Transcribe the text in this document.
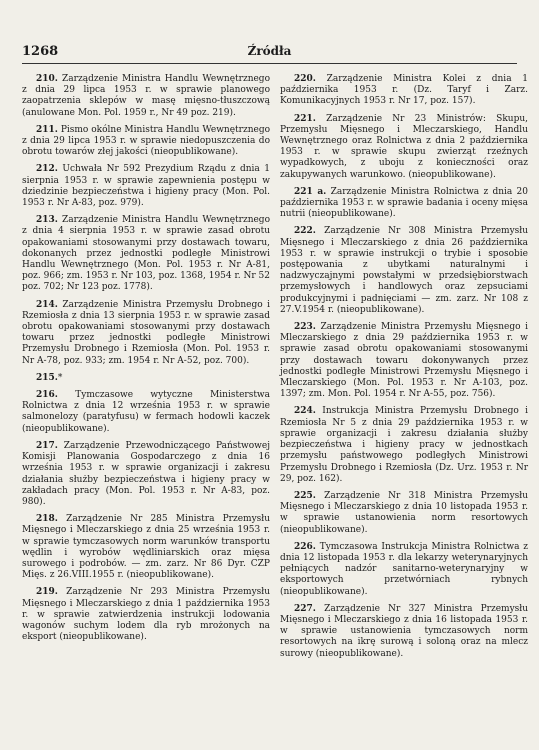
1268	Źródła

210. Zarządzenie Ministra Handlu Wewnętrznego z dnia 29 lipca 1953 r. w sprawie planowego zaopatrzenia sklepów w masę mięsno-tłuszczową (anulowane Mon. Pol. 1959 r., Nr 49 poz. 219).

211. Pismo okólne Ministra Handlu Wewnętrznego z dnia 29 lipca 1953 r. w sprawie niedopuszczenia do obrotu towarów złej jakości (nieopublikowane).

212. Uchwała Nr 592 Prezydium Rządu z dnia 1 sierpnia 1953 r. w sprawie zapewnienia postępu w dziedzinie bezpieczeństwa i higieny pracy (Mon. Pol. 1953 r. Nr A-83, poz. 979).

213. Zarządzenie Ministra Handlu Wewnętrznego z dnia 4 sierpnia 1953 r. w sprawie zasad obrotu opakowaniami stosowanymi przy dostawach towaru, dokonanych przez jednostki podległe Ministrowi Handlu Wewnętrznego (Mon. Pol. 1953 r. Nr A-81, poz. 966; zm. 1953 r. Nr 103, poz. 1368, 1954 r. Nr 52 poz. 702; Nr 123 poz. 1778).

214. Zarządzenie Ministra Przemysłu Drobnego i Rzemiosła z dnia 13 sierpnia 1953 r. w sprawie zasad obrotu opakowaniami stosowanymi przy dostawach towaru przez jednostki podległe Ministrowi Przemysłu Drobnego i Rzemiosła (Mon. Pol. 1953 r. Nr A-78, poz. 933; zm. 1954 r. Nr A-52, poz. 700).

215.*

216. Tymczasowe wytyczne Ministerstwa Rolnictwa z dnia 12 września 1953 r. w sprawie salmonelozy (paratyfusu) w fermach hodowli kaczek (nieopublikowane).

217. Zarządzenie Przewodniczącego Państwowej Komisji Planowania Gospodarczego z dnia 16 września 1953 r. w sprawie organizacji i zakresu działania służby bezpieczeństwa i higieny pracy w zakładach pracy (Mon. Pol. 1953 r. Nr A-83, poz. 980).

218. Zarządzenie Nr 285 Ministra Przemysłu Mięsnego i Mleczarskiego z dnia 25 września 1953 r. w sprawie tymczasowych norm warunków transportu wędlin i wyrobów wędliniarskich oraz mięsa surowego i podrobów. — zm. zarz. Nr 86 Dyr. CZP Mięs. z 26.VIII.1955 r. (nieopublikowane).

219. Zarządzenie Nr 293 Ministra Przemysłu Mięsnego i Mleczarskiego z dnia 1 października 1953 r. w sprawie zatwierdzenia instrukcji lodowania wagonów suchym lodem dla ryb mrożonych na eksport (nieopublikowane).

220. Zarządzenie Ministra Kolei z dnia 1 października 1953 r. (Dz. Taryf i Zarz. Komunikacyjnych 1953 r. Nr 17, poz. 157).

221. Zarządzenie Nr 23 Ministrów: Skupu, Przemysłu Mięsnego i Mleczarskiego, Handlu Wewnętrznego oraz Rolnictwa z dnia 2 października 1953 r. w sprawie skupu zwierząt rzeźnych wypadkowych, z uboju z konieczności oraz zakupywanych warunkowo. (nieopublikowane).

221 a. Zarządzenie Ministra Rolnictwa z dnia 20 października 1953 r. w sprawie badania i oceny mięsa nutrii (nieopublikowane).

222. Zarządzenie Nr 308 Ministra Przemysłu Mięsnego i Mleczarskiego z dnia 26 października 1953 r. w sprawie instrukcji o trybie i sposobie postępowania z ubytkami naturalnymi i nadzwyczajnymi powstałymi w przedsiębiorstwach przemysłowych i handlowych oraz zepsuciami produkcyjnymi i padnięciami — zm. zarz. Nr 108 z 27.V.1954 r. (nieopublikowane).

223. Zarządzenie Ministra Przemysłu Mięsnego i Mleczarskiego z dnia 29 października 1953 r. w sprawie zasad obrotu opakowaniami stosowanymi przy dostawach towaru dokonywanych przez jednostki podległe Ministrowi Przemysłu Mięsnego i Mleczarskiego (Mon. Pol. 1953 r. Nr A-103, poz. 1397; zm. Mon. Pol. 1954 r. Nr A-55, poz. 756).

224. Instrukcja Ministra Przemysłu Drobnego i Rzemiosła Nr 5 z dnia 29 października 1953 r. w sprawie organizacji i zakresu działania służby bezpieczeństwa i higieny pracy w jednostkach przemysłu państwowego podległych Ministrowi Przemysłu Drobnego i Rzemiosła (Dz. Urz. 1953 r. Nr 29, poz. 162).

225. Zarządzenie Nr 318 Ministra Przemysłu Mięsnego i Mleczarskiego z dnia 10 listopada 1953 r. w sprawie ustanowienia norm resortowych (nieopublikowane).

226. Tymczasowa Instrukcja Ministra Rolnictwa z dnia 12 listopada 1953 r. dla lekarzy weterynaryjnych pełniących nadzór sanitarno-weterynaryjny w eksportowych przetwórniach rybnych (nieopublikowane).

227. Zarządzenie Nr 327 Ministra Przemysłu Mięsnego i Mleczarskiego z dnia 16 listopada 1953 r. w sprawie ustanowienia tymczasowych norm resortowych na ikrę surową i soloną oraz na mlecz surowy (nieopublikowane).
